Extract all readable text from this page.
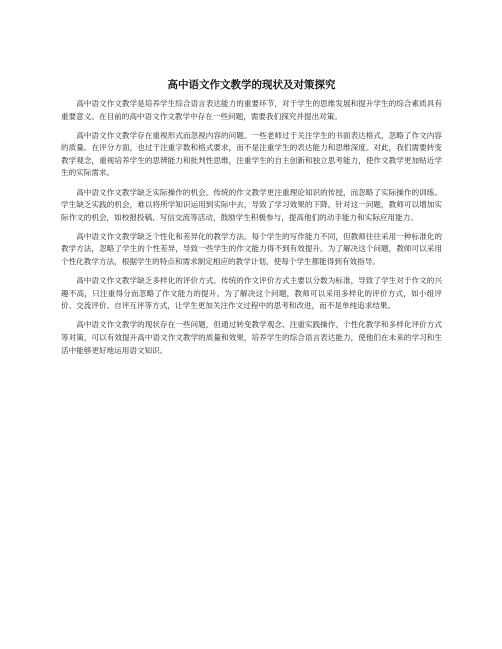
高中语文作文教学的现状及对策探究

高中语文作文教学是培养学生综合语言表达能力的重要环节，对于学生的思维发展和提升学生的综合素质具有重要意义。在目前的高中语文作文教学中存在一些问题，需要我们探究并提出对策。

高中语文作文教学存在重视形式而忽视内容的问题。一些老师过于关注学生的书面表达格式，忽略了作文内容的质量。在评分方面，也过于注重字数和格式要求，而不是注重学生的表达能力和思维深度。对此，我们需要转变教学观念，重视培养学生的思辨能力和批判性思维，注重学生的自主创新和独立思考能力，使作文教学更加贴近学生的实际需求。

高中语文作文教学缺乏实际操作的机会。传统的作文教学更注重理论知识的传授，而忽略了实际操作的训练。学生缺乏实践的机会，难以将所学知识运用到实际中去，导致了学习效果的下降。针对这一问题，教师可以增加实际作文的机会，如校报投稿、写信交流等活动，鼓励学生积极参与，提高他们的动手能力和实际应用能力。

高中语文作文教学缺乏个性化和差异化的教学方法。每个学生的写作能力不同，但教师往往采用一种标准化的教学方法，忽略了学生的个性差异，导致一些学生的作文能力得不到有效提升。为了解决这个问题，教师可以采用个性化教学方法，根据学生的特点和需求制定相应的教学计划，使每个学生都能得到有效指导。

高中语文作文教学缺乏多样化的评价方式。传统的作文评价方式主要以分数为标准，导致了学生对于作文的兴趣不高，只注重得分而忽略了作文能力的提升。为了解决这个问题，教师可以采用多样化的评价方式，如小组评价、交流评价、自评互评等方式，让学生更加关注作文过程中的思考和改进，而不是单纯追求结果。

高中语文作文教学的现状存在一些问题，但通过转变教学观念、注重实践操作、个性化教学和多样化评价方式等对策，可以有效提升高中语文作文教学的质量和效果，培养学生的综合语言表达能力，使他们在未来的学习和生活中能够更好地运用语文知识。
